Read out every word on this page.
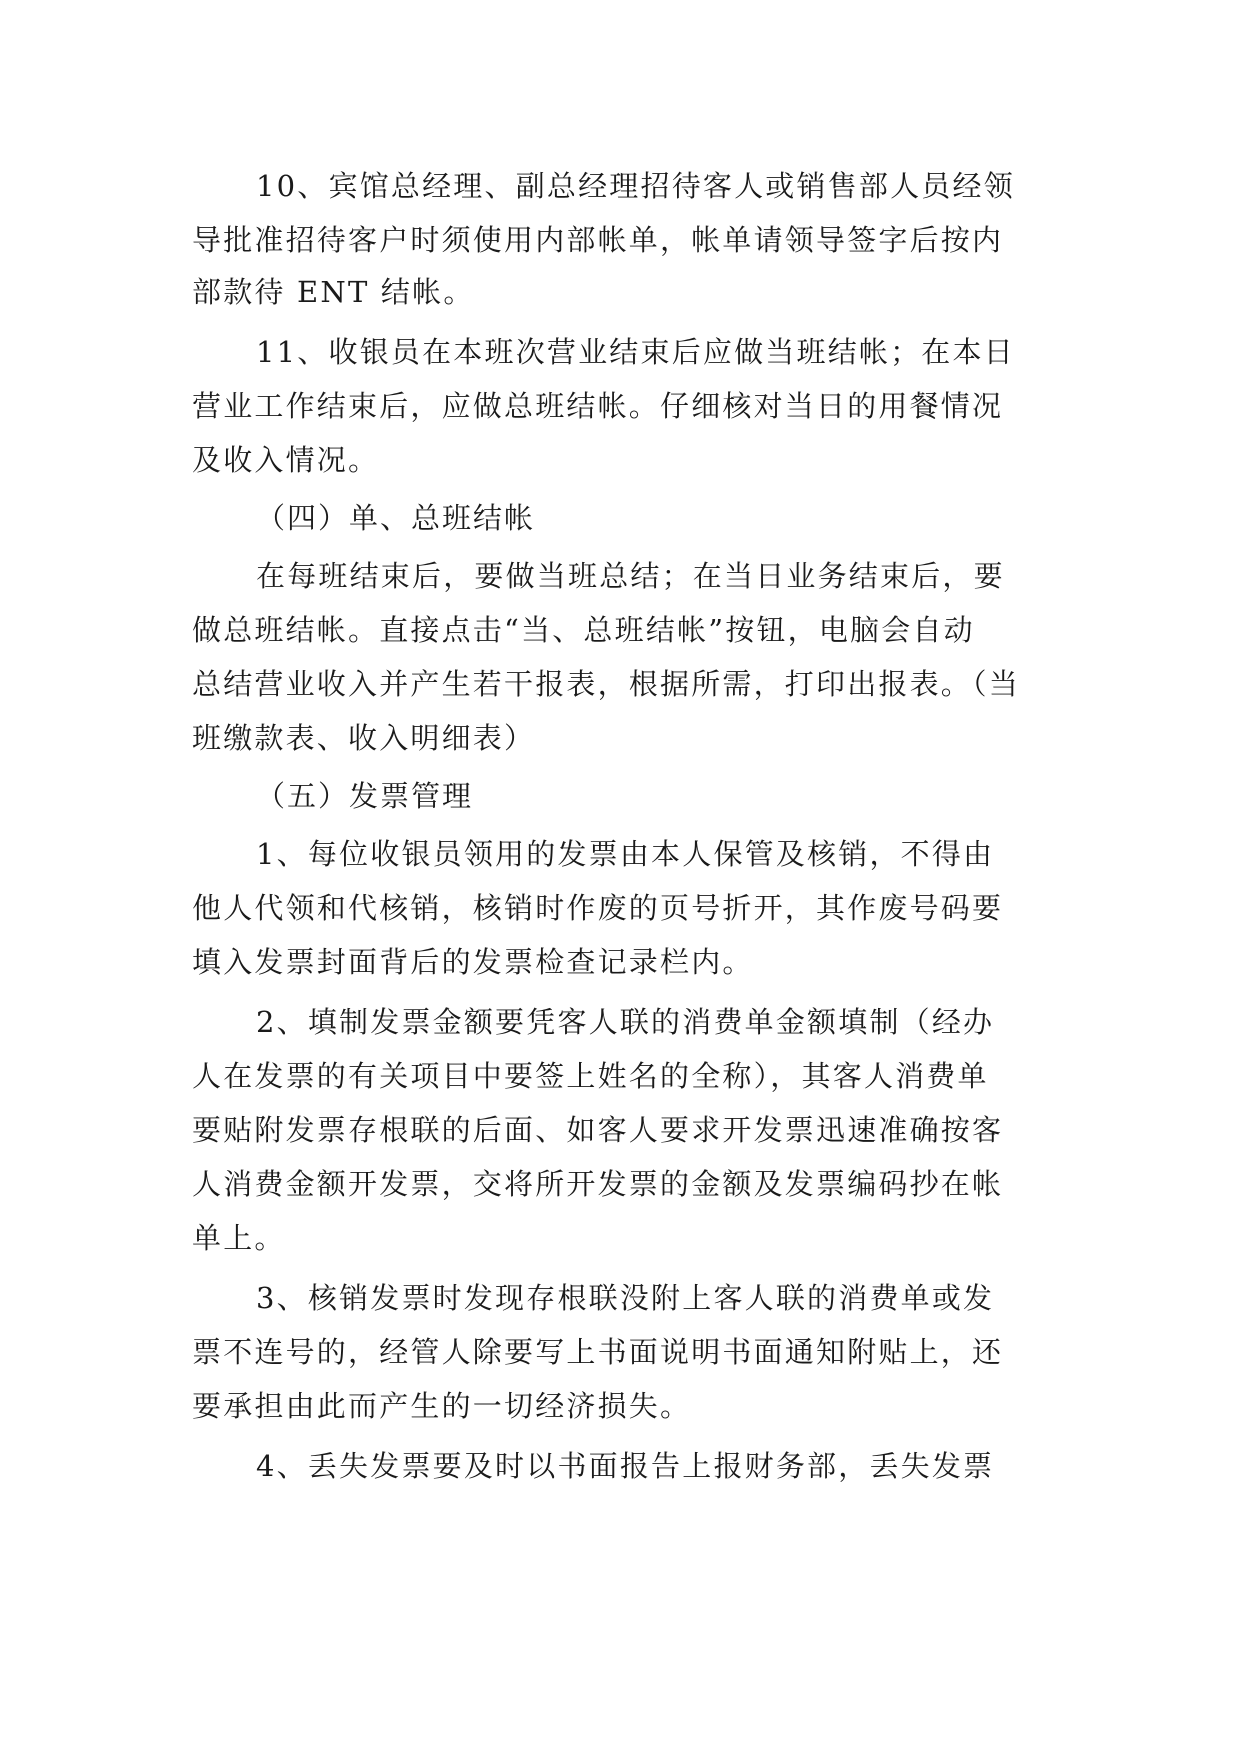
10、宾馆总经理、副总经理招待客人或销售部人员经领
导批准招待客户时须使用内部帐单，帐单请领导签字后按内
部款待 ENT 结帐。
11、收银员在本班次营业结束后应做当班结帐；在本日
营业工作结束后，应做总班结帐。仔细核对当日的用餐情况
及收入情况。
（四）单、总班结帐
在每班结束后，要做当班总结；在当日业务结束后，要
做总班结帐。直接点击“当、总班结帐”按钮，电脑会自动
总结营业收入并产生若干报表，根据所需，打印出报表。（当
班缴款表、收入明细表）
（五）发票管理
1、每位收银员领用的发票由本人保管及核销，不得由
他人代领和代核销，核销时作废的页号折开，其作废号码要
填入发票封面背后的发票检查记录栏内。
2、填制发票金额要凭客人联的消费单金额填制（经办
人在发票的有关项目中要签上姓名的全称），其客人消费单
要贴附发票存根联的后面、如客人要求开发票迅速准确按客
人消费金额开发票，交将所开发票的金额及发票编码抄在帐
单上。
3、核销发票时发现存根联没附上客人联的消费单或发
票不连号的，经管人除要写上书面说明书面通知附贴上，还
要承担由此而产生的一切经济损失。
4、丢失发票要及时以书面报告上报财务部，丢失发票
